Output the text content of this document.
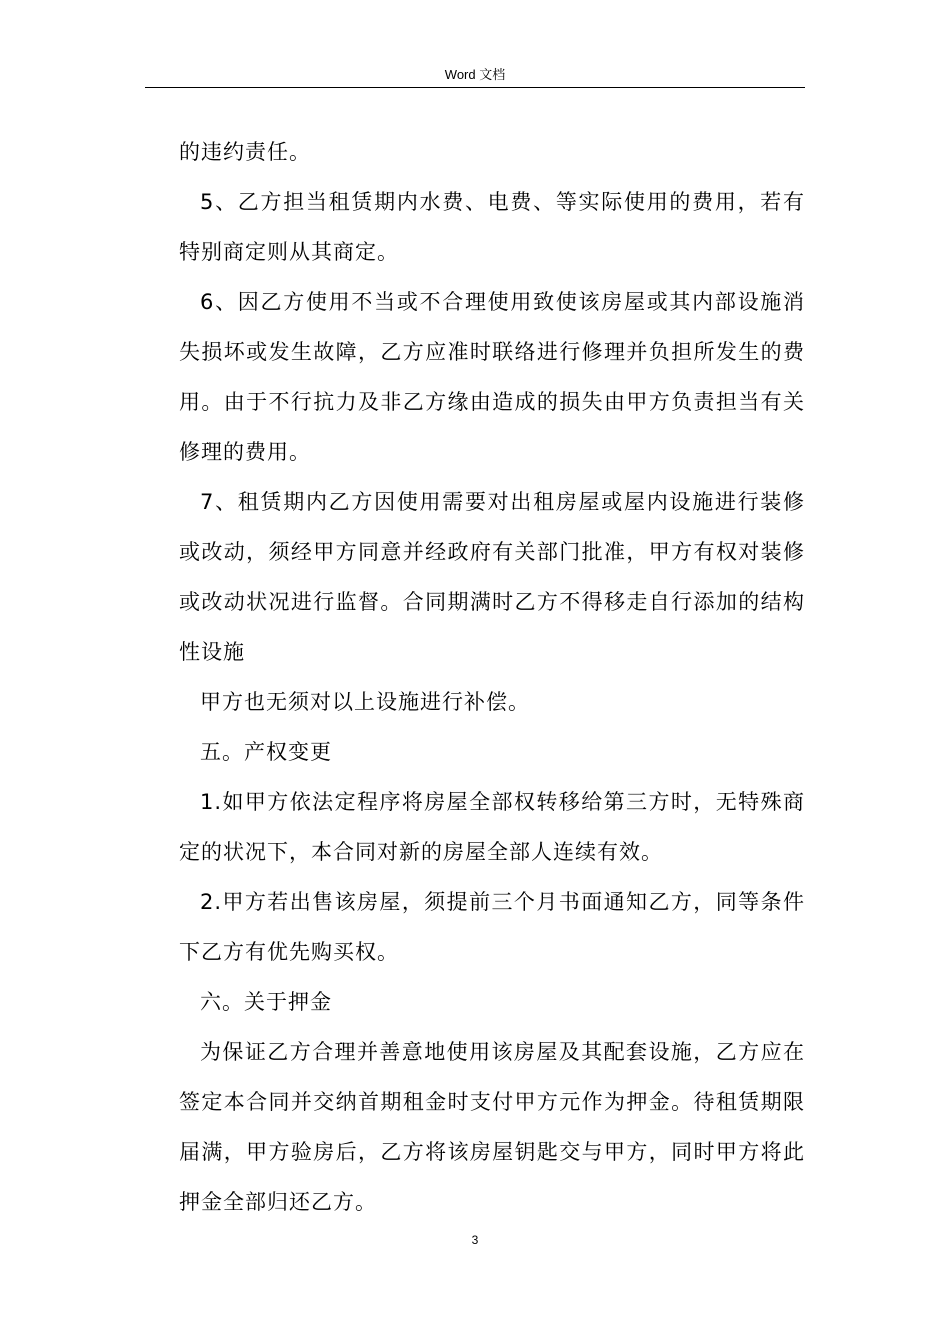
Word 文档

的违约责任。

5、乙方担当租赁期内水费、电费、等实际使用的费用，若有特别商定则从其商定。

6、因乙方使用不当或不合理使用致使该房屋或其内部设施消失损坏或发生故障，乙方应准时联络进行修理并负担所发生的费用。由于不行抗力及非乙方缘由造成的损失由甲方负责担当有关修理的费用。

7、租赁期内乙方因使用需要对出租房屋或屋内设施进行装修或改动，须经甲方同意并经政府有关部门批准，甲方有权对装修或改动状况进行监督。合同期满时乙方不得移走自行添加的结构性设施

甲方也无须对以上设施进行补偿。

五。产权变更

1.如甲方依法定程序将房屋全部权转移给第三方时，无特殊商定的状况下，本合同对新的房屋全部人连续有效。

2.甲方若出售该房屋，须提前三个月书面通知乙方，同等条件下乙方有优先购买权。

六。关于押金

为保证乙方合理并善意地使用该房屋及其配套设施，乙方应在签定本合同并交纳首期租金时支付甲方元作为押金。待租赁期限届满，甲方验房后，乙方将该房屋钥匙交与甲方，同时甲方将此押金全部归还乙方。

3
